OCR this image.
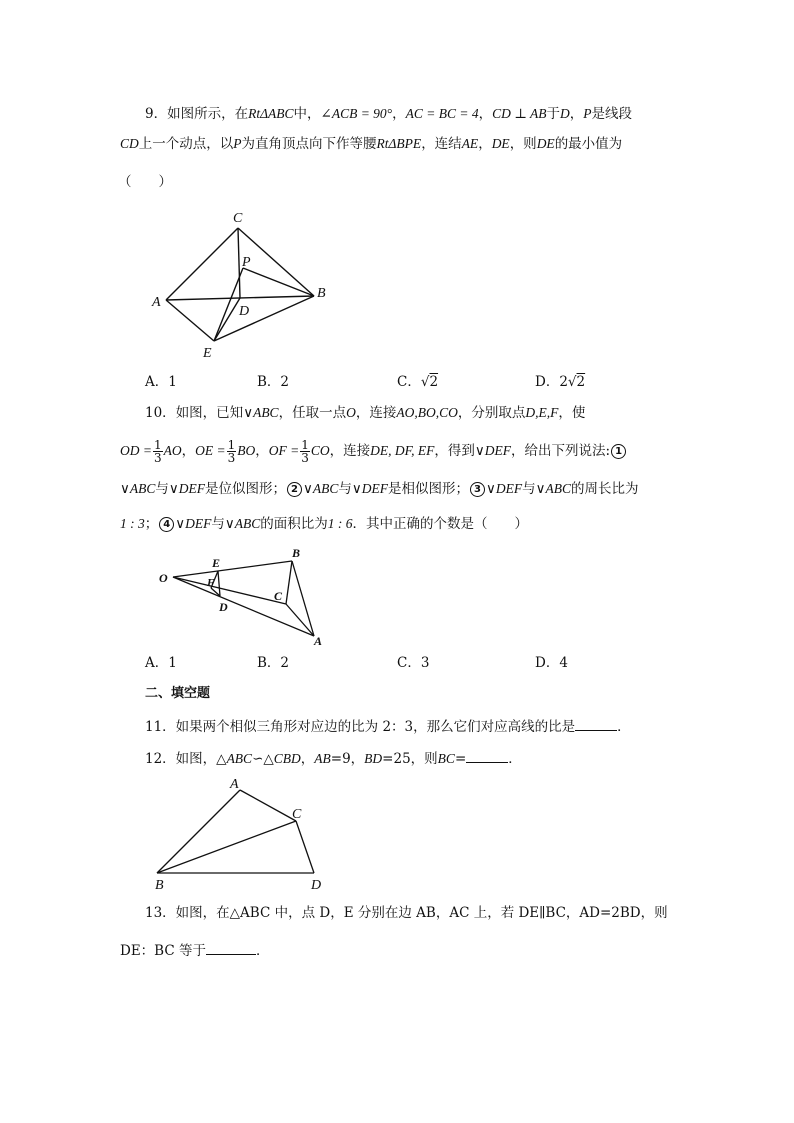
9．如图所示，在RtΔABC中，∠ACB = 90°，AC = BC = 4，CD ⊥ AB于D，P是线段
CD上一个动点，以P为直角顶点向下作等腰RtΔBPE，连结AE，DE，则DE的最小值为
（　　）
C
P
A
B
D
E
A．1	B．2	C．√2	D．2√2
10．如图，已知∨ABC，任取一点O，连接AO,BO,CO，分别取点D,E,F，使
OD = $\frac{1}{3}$ AO，OE = $\frac{1}{3}$ BO，OF = $\frac{1}{3}$ CO，连接DE, DF, EF，得到∨DEF，给出下列说法: 1
∨ABC与∨DEF是位似图形； 2 ∨ABC与∨DEF是相似图形； 3 ∨DEF与∨ABC的周长比为
1 : 3； 4 ∨DEF与∨ABC的面积比为1 : 6．其中正确的个数是（　　）
O
E
F
D
B
C
A
A．1	B．2	C．3	D．4
二、填空题
11．如果两个相似三角形对应边的比为 2：3，那么它们对应高线的比是	．
12．如图，△ABC∽△CBD，AB=9，BD=25，则BC=	．
A
C
B	D
13．如图，在△ABC 中，点 D，E 分别在边 AB，AC 上，若 DE∥BC，AD=2BD，则
DE：BC 等于	．
